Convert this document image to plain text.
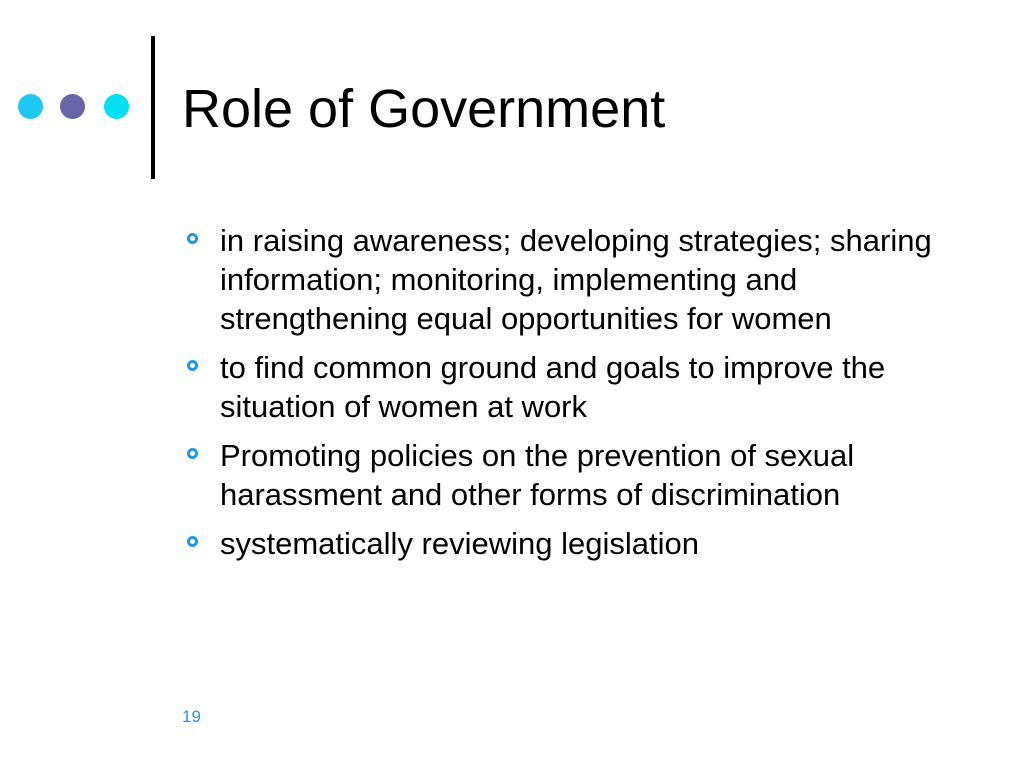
Role of Government
in raising awareness; developing strategies; sharing information; monitoring, implementing and strengthening equal opportunities for women
to find common ground and goals to improve the situation of women at work
Promoting policies on the prevention of sexual harassment and other forms of discrimination
systematically reviewing legislation
19
